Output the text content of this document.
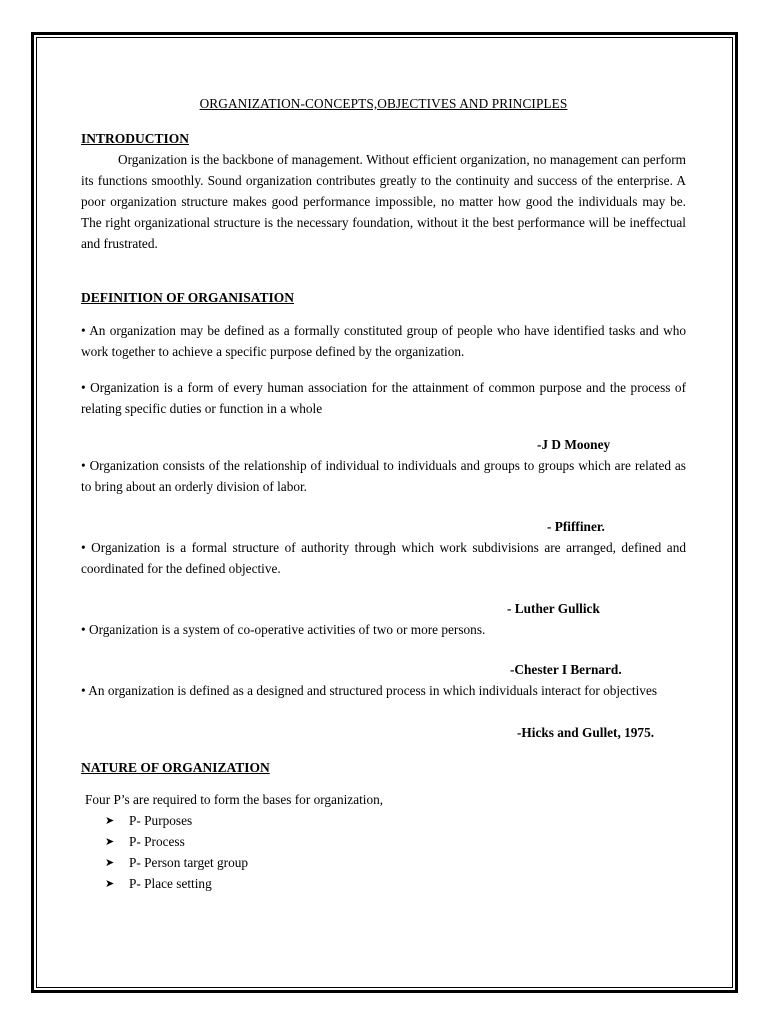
ORGANIZATION-CONCEPTS,OBJECTIVES AND PRINCIPLES
INTRODUCTION

Organization is the backbone of management. Without efficient organization, no management can perform its functions smoothly. Sound organization contributes greatly to the continuity and success of the enterprise. A poor organization structure makes good performance impossible, no matter how good the individuals may be. The right organizational structure is the necessary foundation, without it the best performance will be ineffectual and frustrated.

DEFINITION OF ORGANISATION

• An organization may be defined as a formally constituted group of people who have identified tasks and who work together to achieve a specific purpose defined by the organization.

• Organization is a form of every human association for the attainment of common purpose and the process of relating specific duties or function in a whole

-J D Mooney

• Organization consists of the relationship of individual to individuals and groups to groups which are related as to bring about an orderly division of labor.

- Pfiffiner.

• Organization is a formal structure of authority through which work subdivisions are arranged, defined and coordinated for the defined objective.

- Luther Gullick

• Organization is a system of co-operative activities of two or more persons.

-Chester I Bernard.

• An organization is defined as a designed and structured process in which individuals interact for objectives

-Hicks and Gullet, 1975.

NATURE OF ORGANIZATION

Four P’s are required to form the bases for organization,

➤	P- Purposes
➤	P- Process
➤	P- Person target group
➤	P- Place setting
